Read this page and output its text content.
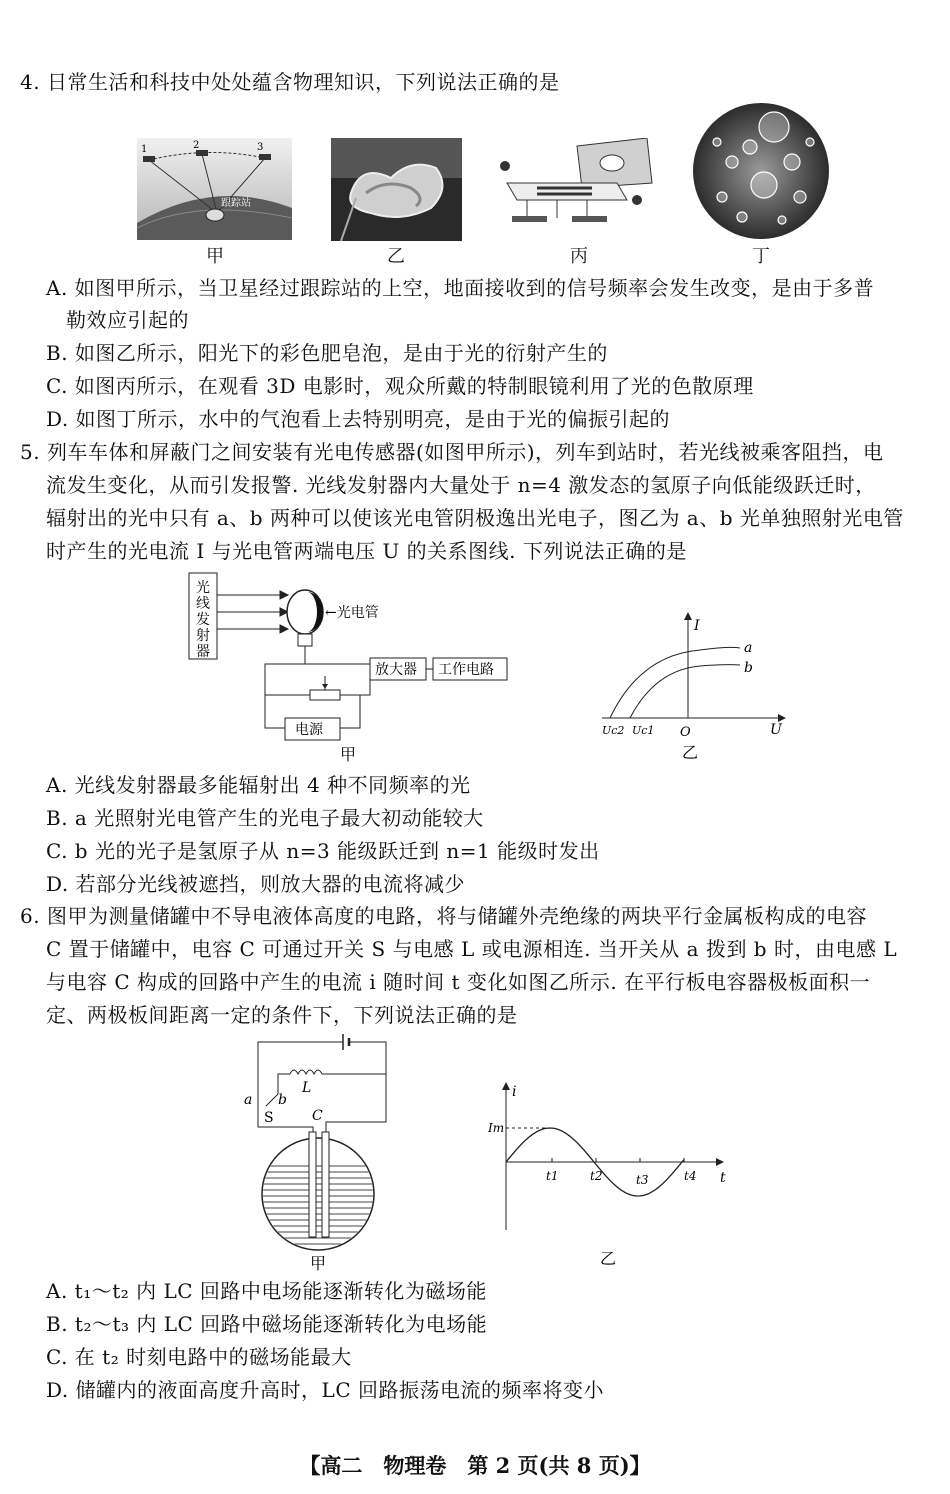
4. 日常生活和科技中处处蕴含物理知识，下列说法正确的是
1	2	3
跟踪站
甲	乙	丙	丁
A. 如图甲所示，当卫星经过跟踪站的上空，地面接收到的信号频率会发生改变，是由于多普
勒效应引起的
B. 如图乙所示，阳光下的彩色肥皂泡，是由于光的衍射产生的
C. 如图丙所示，在观看 3D 电影时，观众所戴的特制眼镜利用了光的色散原理
D. 如图丁所示，水中的气泡看上去特别明亮，是由于光的偏振引起的
5. 列车车体和屏蔽门之间安装有光电传感器(如图甲所示)，列车到站时，若光线被乘客阻挡，电
流发生变化，从而引发报警. 光线发射器内大量处于 n=4 激发态的氢原子向低能级跃迁时，
辐射出的光中只有 a、b 两种可以使该光电管阴极逸出光电子，图乙为 a、b 光单独照射光电管
时产生的光电流 I 与光电管两端电压 U 的关系图线. 下列说法正确的是
光
线
发
射
器
←光电管
放大器 工作电路
电源
甲
I
U
O
a
b
Uc2 Uc1
乙
A. 光线发射器最多能辐射出 4 种不同频率的光
B. a 光照射光电管产生的光电子最大初动能较大
C. b 光的光子是氢原子从 n=3 能级跃迁到 n=1 能级时发出
D. 若部分光线被遮挡，则放大器的电流将减少
6. 图甲为测量储罐中不导电液体高度的电路，将与储罐外壳绝缘的两块平行金属板构成的电容
C 置于储罐中，电容 C 可通过开关 S 与电感 L 或电源相连. 当开关从 a 拨到 b 时，由电感 L
与电容 C 构成的回路中产生的电流 i 随时间 t 变化如图乙所示. 在平行板电容器极板面积一
定、两极板间距离一定的条件下，下列说法正确的是
a b
L
S	C
甲
i
t
Im
t1	t2	t3	t4
乙
A. t₁～t₂ 内 LC 回路中电场能逐渐转化为磁场能
B. t₂～t₃ 内 LC 回路中磁场能逐渐转化为电场能
C. 在 t₂ 时刻电路中的磁场能最大
D. 储罐内的液面高度升高时，LC 回路振荡电流的频率将变小
【高二　物理卷　第 2 页(共 8 页)】
